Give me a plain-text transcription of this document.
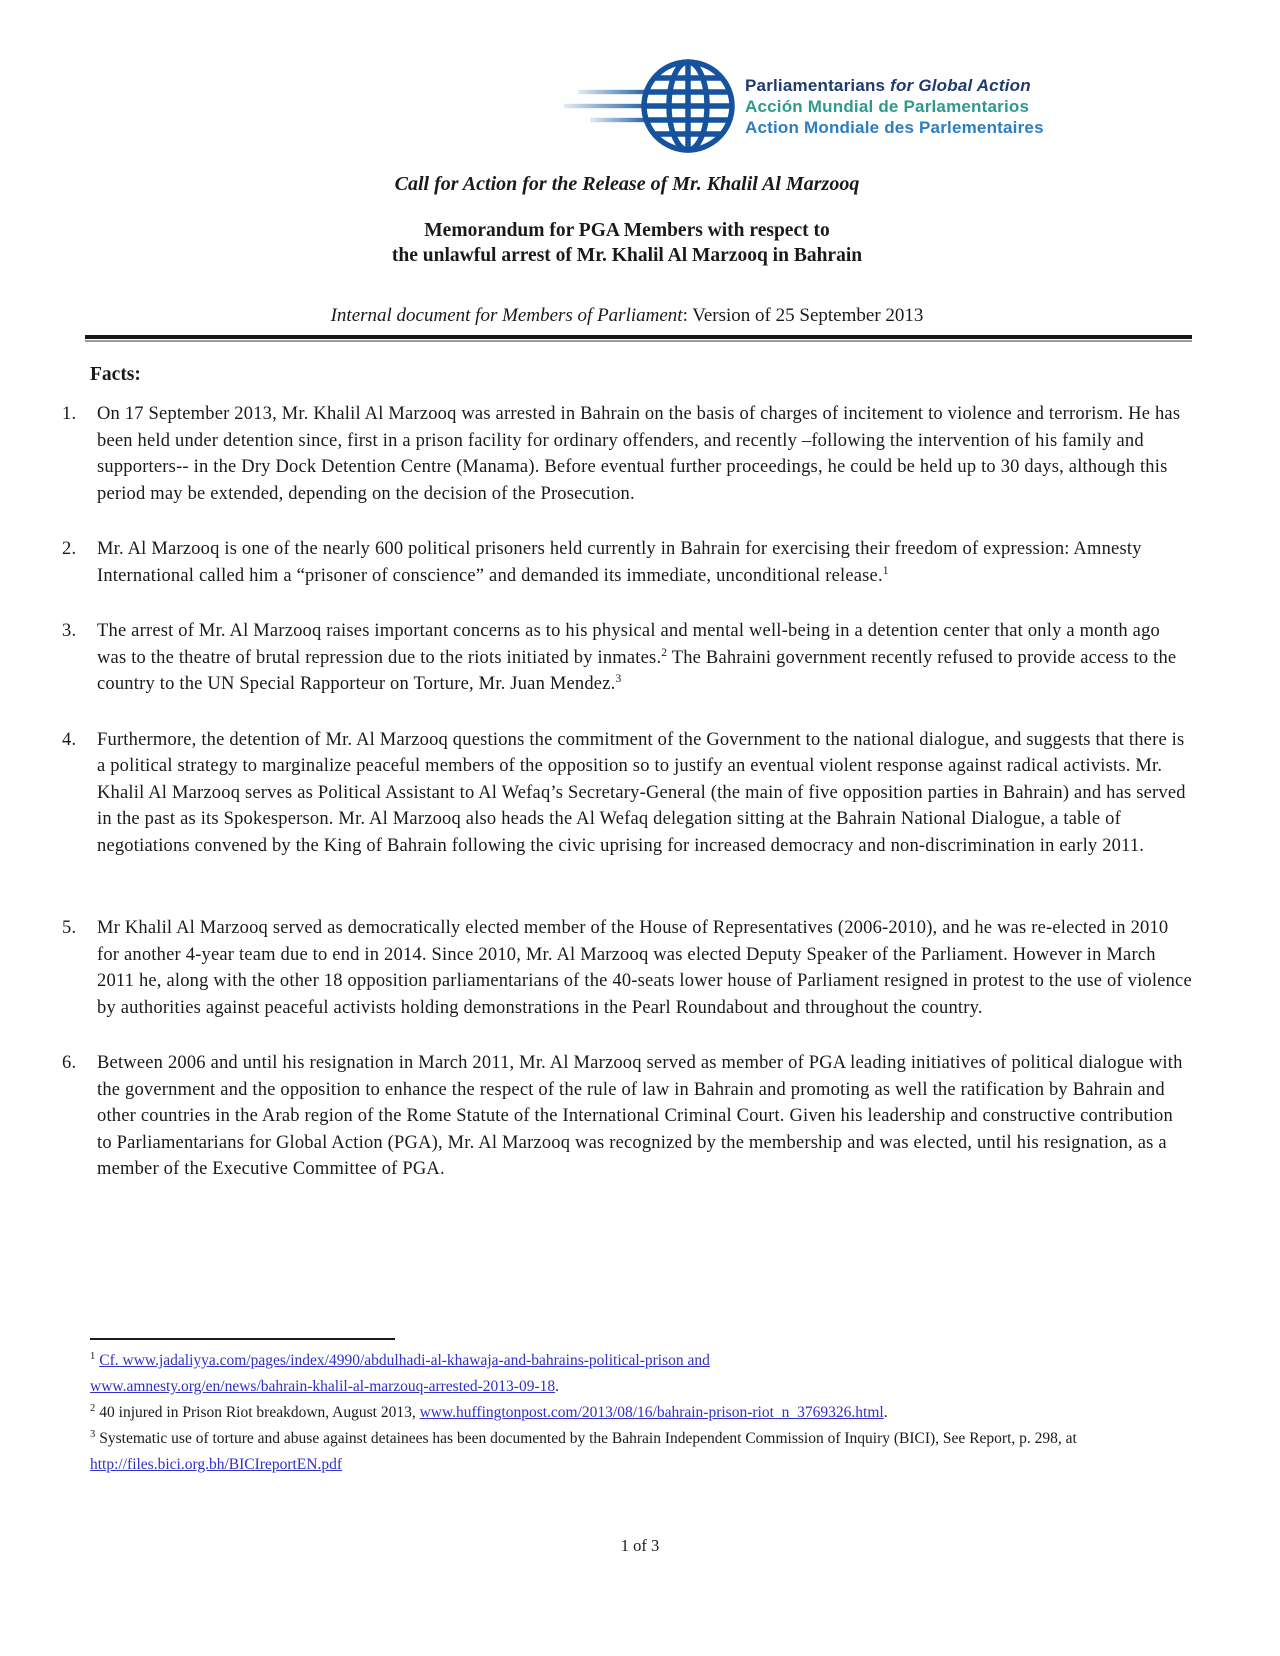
Parliamentarians for Global Action
Acción Mundial de Parlamentarios
Action Mondiale des Parlementaires
Call for Action for the Release of Mr. Khalil Al Marzooq
Memorandum for PGA Members with respect to
the unlawful arrest of Mr. Khalil Al Marzooq in Bahrain

Internal document for Members of Parliament: Version of 25 September 2013

Facts:
1.	On 17 September 2013, Mr. Khalil Al Marzooq was arrested in Bahrain on the basis of charges of incitement to violence and terrorism. He has been held under detention since, first in a prison facility for ordinary offenders, and recently –following the intervention of his family and supporters-- in the Dry Dock Detention Centre (Manama). Before eventual further proceedings, he could be held up to 30 days, although this period may be extended, depending on the decision of the Prosecution.
2.	Mr. Al Marzooq is one of the nearly 600 political prisoners held currently in Bahrain for exercising their freedom of expression: Amnesty International called him a “prisoner of conscience” and demanded its immediate, unconditional release.$^1$
3.	The arrest of Mr. Al Marzooq raises important concerns as to his physical and mental well-being in a detention center that only a month ago was to the theatre of brutal repression due to the riots initiated by inmates.$^2$ The Bahraini government recently refused to provide access to the country to the UN Special Rapporteur on Torture, Mr. Juan Mendez.$^3$
4.	Furthermore, the detention of Mr. Al Marzooq questions the commitment of the Government to the national dialogue, and suggests that there is a political strategy to marginalize peaceful members of the opposition so to justify an eventual violent response against radical activists. Mr. Khalil Al Marzooq serves as Political Assistant to Al Wefaq’s Secretary-General (the main of five opposition parties in Bahrain) and has served in the past as its Spokesperson. Mr. Al Marzooq also heads the Al Wefaq delegation sitting at the Bahrain National Dialogue, a table of negotiations convened by the King of Bahrain following the civic uprising for increased democracy and non-discrimination in early 2011.
5.	Mr Khalil Al Marzooq served as democratically elected member of the House of Representatives (2006-2010), and he was re-elected in 2010 for another 4-year team due to end in 2014. Since 2010, Mr. Al Marzooq was elected Deputy Speaker of the Parliament. However in March 2011 he, along with the other 18 opposition parliamentarians of the 40-seats lower house of Parliament resigned in protest to the use of violence by authorities against peaceful activists holding demonstrations in the Pearl Roundabout and throughout the country.
6.	Between 2006 and until his resignation in March 2011, Mr. Al Marzooq served as member of PGA leading initiatives of political dialogue with the government and the opposition to enhance the respect of the rule of law in Bahrain and promoting as well the ratification by Bahrain and other countries in the Arab region of the Rome Statute of the International Criminal Court. Given his leadership and constructive contribution to Parliamentarians for Global Action (PGA), Mr. Al Marzooq was recognized by the membership and was elected, until his resignation, as a member of the Executive Committee of PGA.
$^1$ Cf. www.jadaliyya.com/pages/index/4990/abdulhadi-al-khawaja-and-bahrains-political-prison and
www.amnesty.org/en/news/bahrain-khalil-al-marzouq-arrested-2013-09-18.
$^2$ 40 injured in Prison Riot breakdown, August 2013, www.huffingtonpost.com/2013/08/16/bahrain-prison-riot_n_3769326.html.
$^3$ Systematic use of torture and abuse against detainees has been documented by the Bahrain Independent Commission of Inquiry (BICI), See Report, p. 298, at http://files.bici.org.bh/BICIreportEN.pdf
1 of 3
